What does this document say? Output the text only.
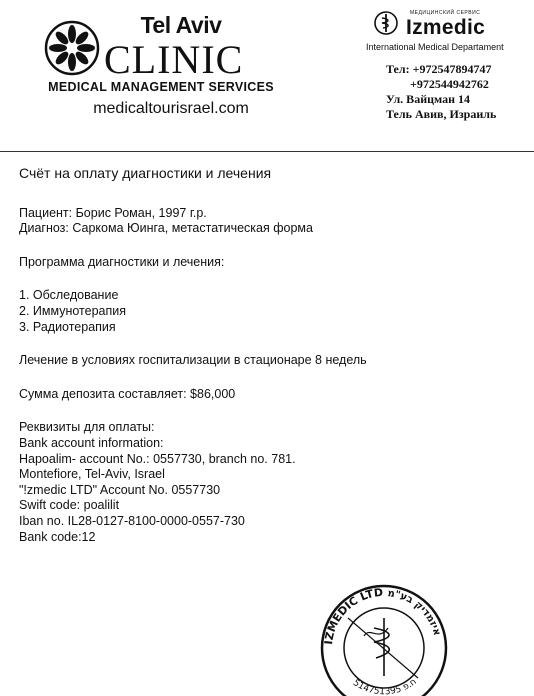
Tel Aviv
CLINIC
MEDICAL MANAGEMENT SERVICES
medicaltourisrael.com
МЕДИЦИНСКИЙ СЕРВИС
Izmedic
International Medical Departament
Тел: +972547894747
+972544942762
Ул. Вайцман 14
Тель Авив, Израиль

Счёт на оплату диагностики и лечения

Пациент: Борис Роман, 1997 г.р.

Диагноз: Саркома Юинга, метастатическая форма

Программа диагностики и лечения:

1. Обследование
2. Иммунотерапия
3. Радиотерапия

Лечение в условиях госпитализации в стационаре 8 недель

Сумма депозита составляет: $86,000

Реквизиты для оплаты:

Bank account information:

Hapoalim- account No.: 0557730, branch no. 781.

Montefiore, Tel-Aviv, Israel

"!zmedic LTD" Account No. 0557730

Swift code: poalilit

Iban no. IL28-0127-8100-0000-0557-730

Bank code:12

IZMEDIC LTD איזמדיק בע"מ
514751395 ח.פ
